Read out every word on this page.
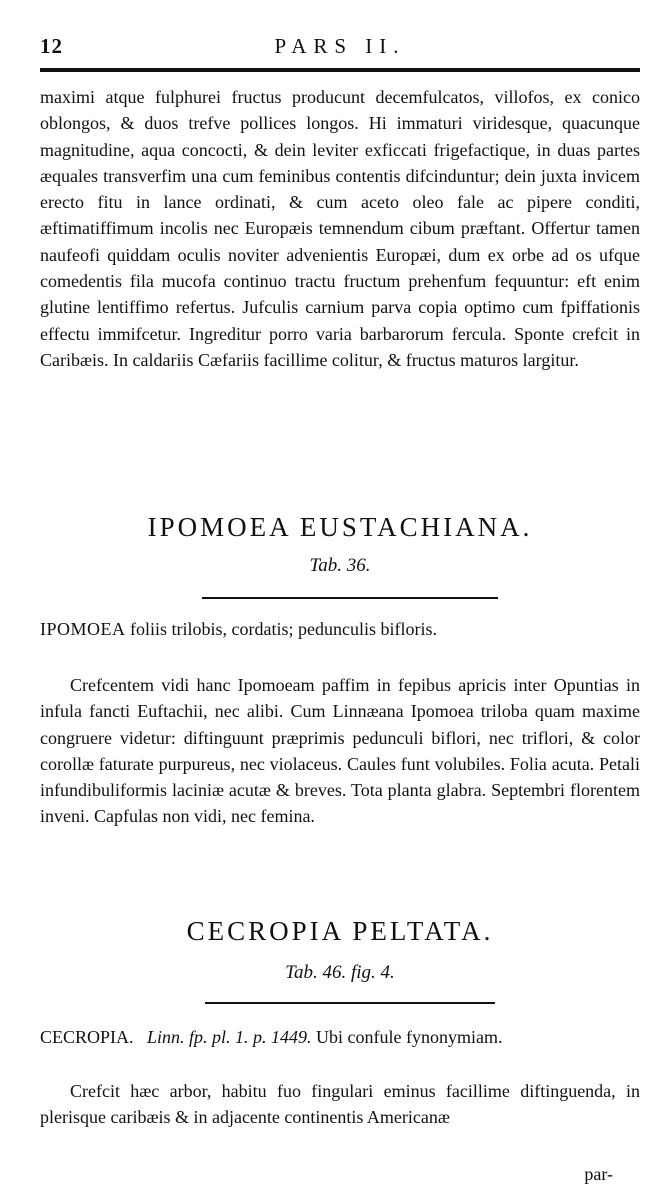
12	PARS II.

maximi atque fulphurei fructus producunt decemfulcatos, villofos, ex conico oblongos, & duos trefve pollices longos. Hi immaturi viridesque, quacunque magnitudine, aqua concocti, & dein leviter exficcati frigefactique, in duas partes æquales transverfim una cum feminibus contentis difcinduntur; dein juxta invicem erecto fitu in lance ordinati, & cum aceto oleo fale ac pipere conditi, æftimatiffimum incolis nec Europæis temnendum cibum præftant. Offertur tamen naufeofi quiddam oculis noviter advenientis Europæi, dum ex orbe ad os ufque comedentis fila mucofa continuo tractu fructum prehenfum fequuntur: eft enim glutine lentiffimo refertus. Jufculis carnium parva copia optimo cum fpiffationis effectu immifcetur. Ingreditur porro varia barbarorum fercula. Sponte crefcit in Caribæis. In caldariis Cæfariis facillime colitur, & fructus maturos largitur.

IPOMOEA EUSTACHIANA.

Tab. 36.

IPOMOEA foliis trilobis, cordatis; pedunculis bifloris.

Crefcentem vidi hanc Ipomoeam paffim in fepibus apricis inter Opuntias in infula fancti Euftachii, nec alibi. Cum Linnæana Ipomoea triloba quam maxime congruere videtur: diftinguunt præprimis pedunculi biflori, nec triflori, & color corollæ faturate purpureus, nec violaceus. Caules funt volubiles. Folia acuta. Petali infundibuliformis laciniæ acutæ & breves. Tota planta glabra. Septembri florentem inveni. Capfulas non vidi, nec femina.

CECROPIA PELTATA.

Tab. 46. fig. 4.

CECROPIA. Linn. fp. pl. 1. p. 1449. Ubi confule fynonymiam.

Crefcit hæc arbor, habitu fuo fingulari eminus facillime diftinguenda, in plerisque caribæis & in adjacente continentis Americanæ

par-
